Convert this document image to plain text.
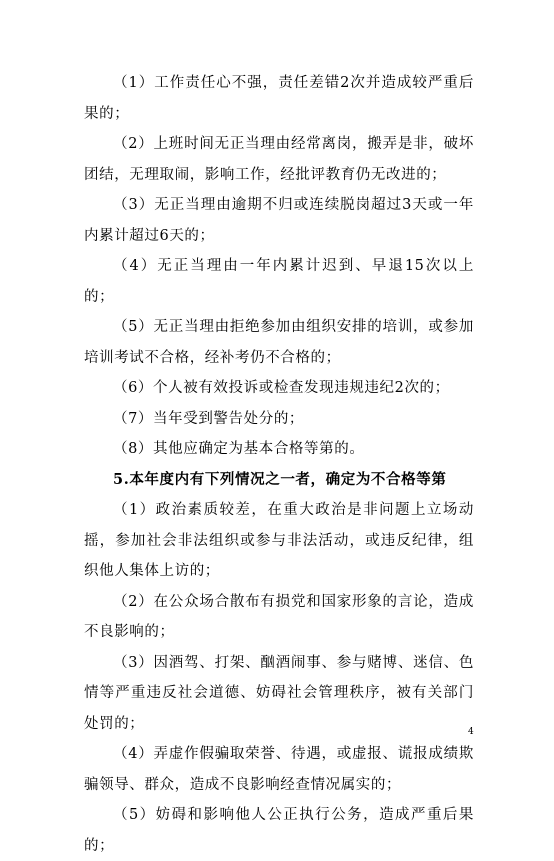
（1）工作责任心不强，责任差错2次并造成较严重后果的；

（2）上班时间无正当理由经常离岗，搬弄是非，破坏团结，无理取闹，影响工作，经批评教育仍无改进的；

（3）无正当理由逾期不归或连续脱岗超过3天或一年内累计超过6天的；

（4）无正当理由一年内累计迟到、早退15次以上的；

（5）无正当理由拒绝参加由组织安排的培训，或参加培训考试不合格，经补考仍不合格的；

（6）个人被有效投诉或检查发现违规违纪2次的；

（7）当年受到警告处分的；

（8）其他应确定为基本合格等第的。

5.本年度内有下列情况之一者，确定为不合格等第

（1）政治素质较差，在重大政治是非问题上立场动摇，参加社会非法组织或参与非法活动，或违反纪律，组织他人集体上访的；

（2）在公众场合散布有损党和国家形象的言论，造成不良影响的；

（3）因酒驾、打架、酗酒闹事、参与赌博、迷信、色情等严重违反社会道德、妨碍社会管理秩序，被有关部门处罚的；

（4）弄虚作假骗取荣誉、待遇，或虚报、谎报成绩欺骗领导、群众，造成不良影响经查情况属实的；

（5）妨碍和影响他人公正执行公务，造成严重后果的；

4
